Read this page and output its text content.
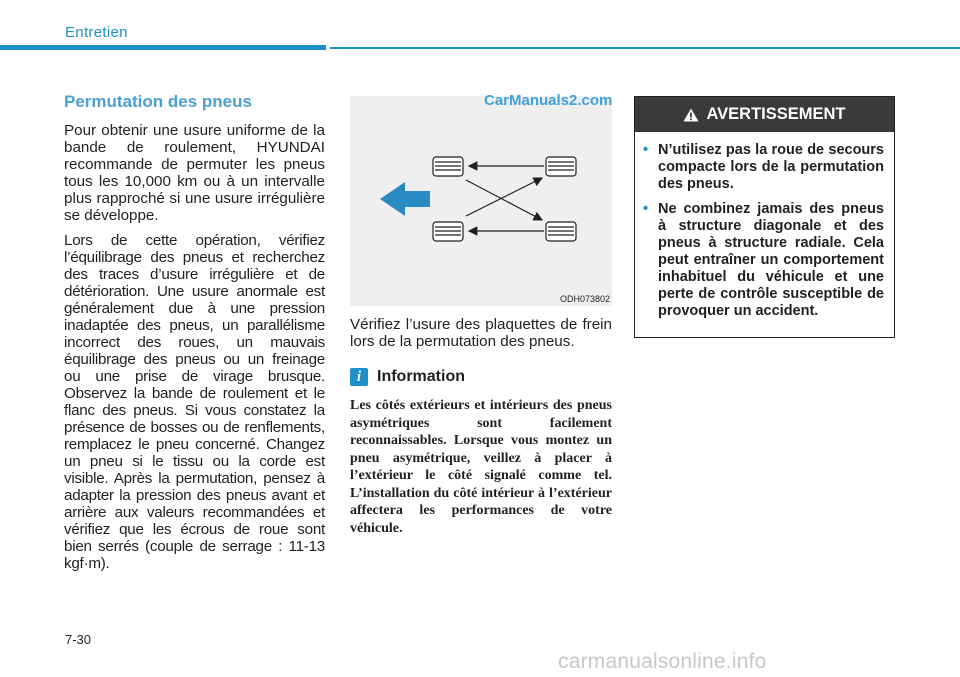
Entretien
Permutation des pneus

Pour obtenir une usure uniforme de la bande de roulement, HYUNDAI recommande de permuter les pneus tous les 10,000 km ou à un intervalle plus rapproché si une usure irrégulière se développe.

Lors de cette opération, vérifiez l’équilibrage des pneus et recherchez des traces d’usure irrégulière et de détérioration. Une usure anormale est généralement due à une pression inadaptée des pneus, un parallélisme incorrect des roues, un mauvais équilibrage des pneus ou un freinage ou une prise de virage brusque. Observez la bande de roulement et le flanc des pneus. Si vous constatez la présence de bosses ou de renflements, remplacez le pneu concerné. Changez un pneu si le tissu ou la corde est visible. Après la permutation, pensez à adapter la pression des pneus avant et arrière aux valeurs recommandées et vérifiez que les écrous de roue sont bien serrés (couple de serrage : 11-13 kgf·m).

CarManuals2.com
ODH073802

Vérifiez l’usure des plaquettes de frein lors de la permutation des pneus.

i Information
Les côtés extérieurs et intérieurs des pneus asymétriques sont facilement reconnaissables. Lorsque vous montez un pneu asymétrique, veillez à placer à l’extérieur le côté signalé comme tel. L’installation du côté intérieur à l’extérieur affectera les performances de votre véhicule.
AVERTISSEMENT
• N’utilisez pas la roue de secours compacte lors de la permutation des pneus.
• Ne combinez jamais des pneus à structure diagonale et des pneus à structure radiale. Cela peut entraîner un comportement inhabituel du véhicule et une perte de contrôle susceptible de provoquer un accident.
7-30
carmanualsonline.info
